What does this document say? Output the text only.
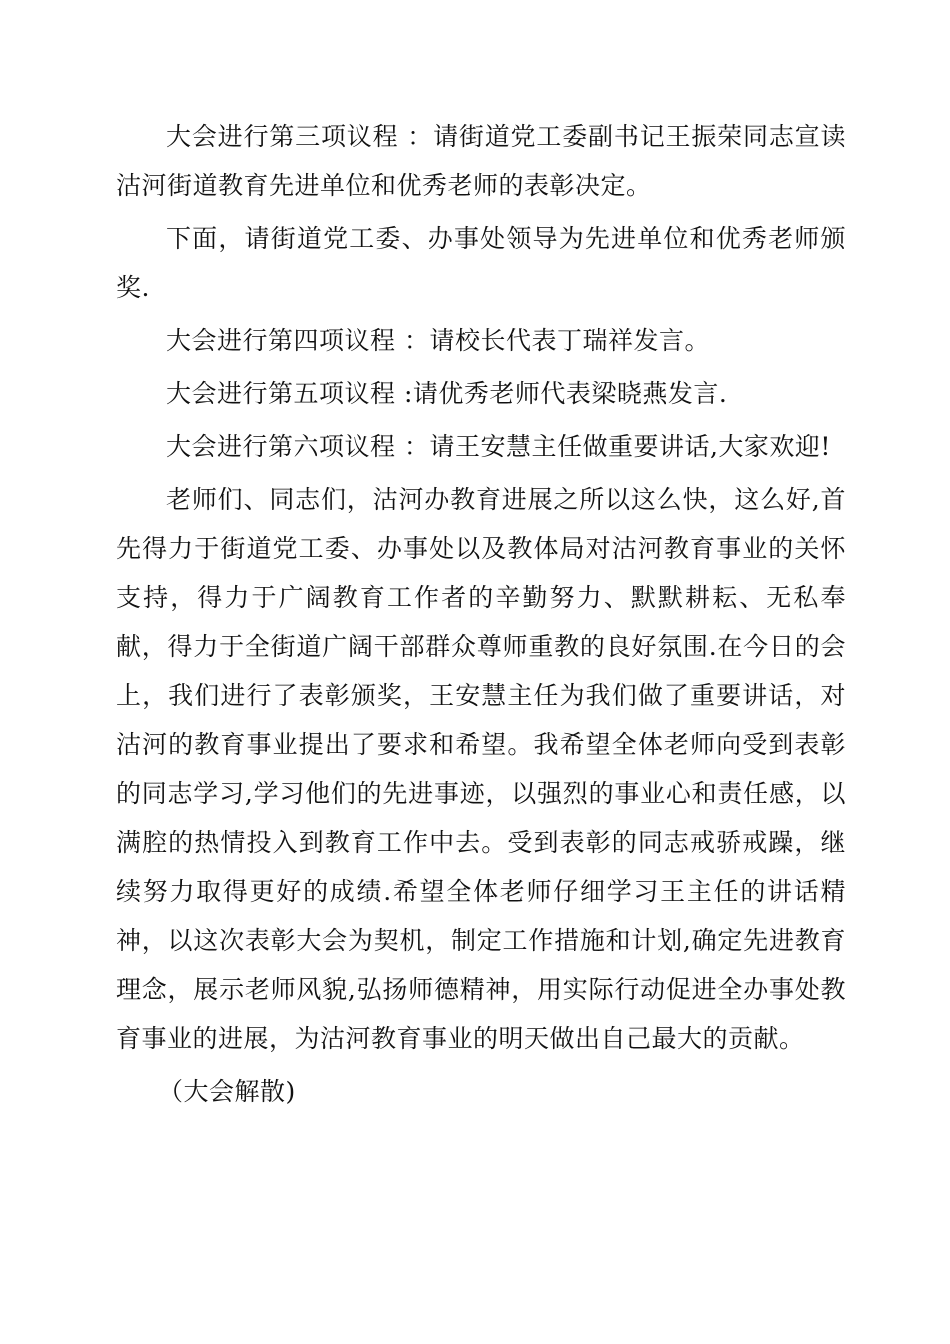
大会进行第三项议程 ：请街道党工委副书记王振荣同志宣读沽河街道教育先进单位和优秀老师的表彰决定。

下面，请街道党工委、办事处领导为先进单位和优秀老师颁奖.

大会进行第四项议程 ：请校长代表丁瑞祥发言。

大会进行第五项议程 :请优秀老师代表梁晓燕发言.

大会进行第六项议程 ：请王安慧主任做重要讲话,大家欢迎!

老师们、同志们，沽河办教育进展之所以这么快，这么好,首先得力于街道党工委、办事处以及教体局对沽河教育事业的关怀支持，得力于广阔教育工作者的辛勤努力、默默耕耘、无私奉献，得力于全街道广阔干部群众尊师重教的良好氛围.在今日的会上，我们进行了表彰颁奖，王安慧主任为我们做了重要讲话，对沽河的教育事业提出了要求和希望。我希望全体老师向受到表彰的同志学习,学习他们的先进事迹，以强烈的事业心和责任感，以满腔的热情投入到教育工作中去。受到表彰的同志戒骄戒躁，继续努力取得更好的成绩.希望全体老师仔细学习王主任的讲话精神，以这次表彰大会为契机，制定工作措施和计划,确定先进教育理念，展示老师风貌,弘扬师德精神，用实际行动促进全办事处教育事业的进展，为沽河教育事业的明天做出自己最大的贡献。

（大会解散)
